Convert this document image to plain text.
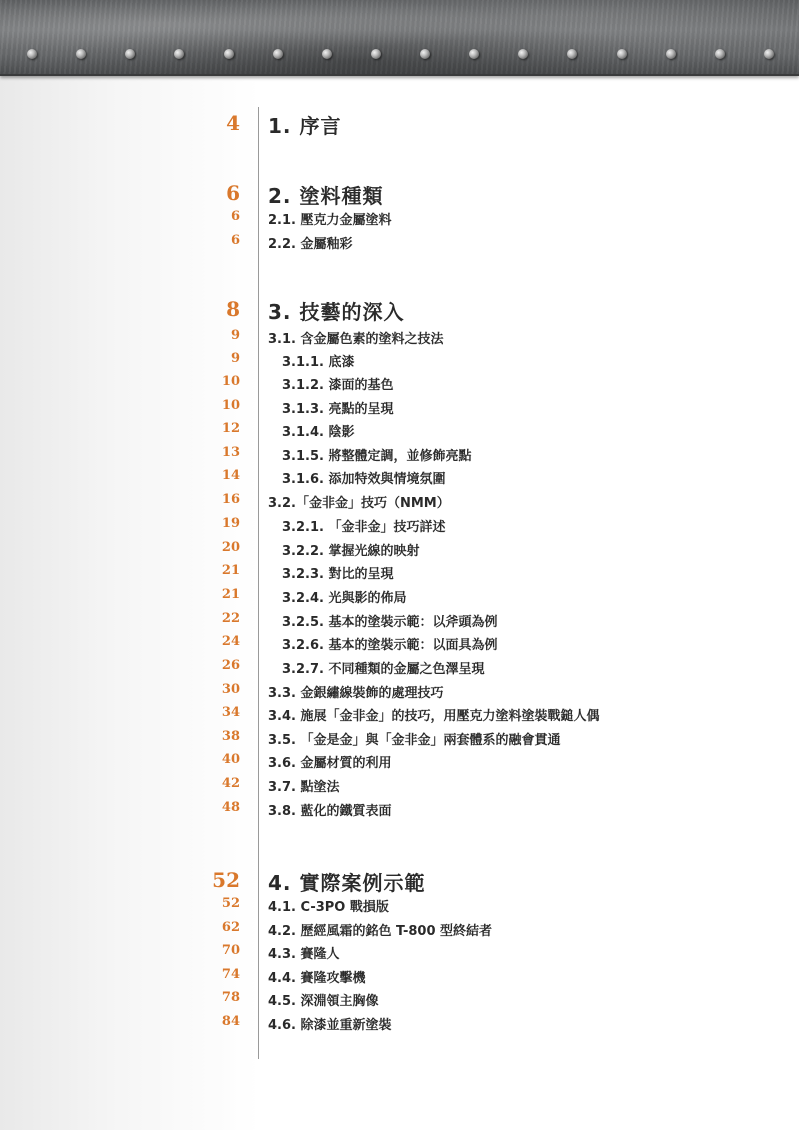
4 1. 序言
6 2. 塗料種類
6 2.1. 壓克力金屬塗料
6 2.2. 金屬釉彩
8 3. 技藝的深入
9 3.1. 含金屬色素的塗料之技法
9	3.1.1. 底漆
10	3.1.2. 漆面的基色
10	3.1.3. 亮點的呈現
12	3.1.4. 陰影
13	3.1.5. 將整體定調，並修飾亮點
14	3.1.6. 添加特效與情境氛圍
16 3.2.「金非金」技巧（NMM）
19	3.2.1. 「金非金」技巧詳述
20	3.2.2. 掌握光線的映射
21	3.2.3. 對比的呈現
21	3.2.4. 光與影的佈局
22	3.2.5. 基本的塗裝示範：以斧頭為例
24	3.2.6. 基本的塗裝示範：以面具為例
26	3.2.7. 不同種類的金屬之色澤呈現
30 3.3. 金銀繡線裝飾的處理技巧
34 3.4. 施展「金非金」的技巧，用壓克力塗料塗裝戰鎚人偶
38 3.5. 「金是金」與「金非金」兩套體系的融會貫通
40 3.6. 金屬材質的利用
42 3.7. 點塗法
48 3.8. 藍化的鐵質表面
52 4. 實際案例示範
52 4.1. C-3PO 戰損版
62 4.2. 歷經風霜的銘色 T-800 型終結者
70 4.3. 賽隆人
74 4.4. 賽隆攻擊機
78 4.5. 深淵領主胸像
84 4.6. 除漆並重新塗裝
